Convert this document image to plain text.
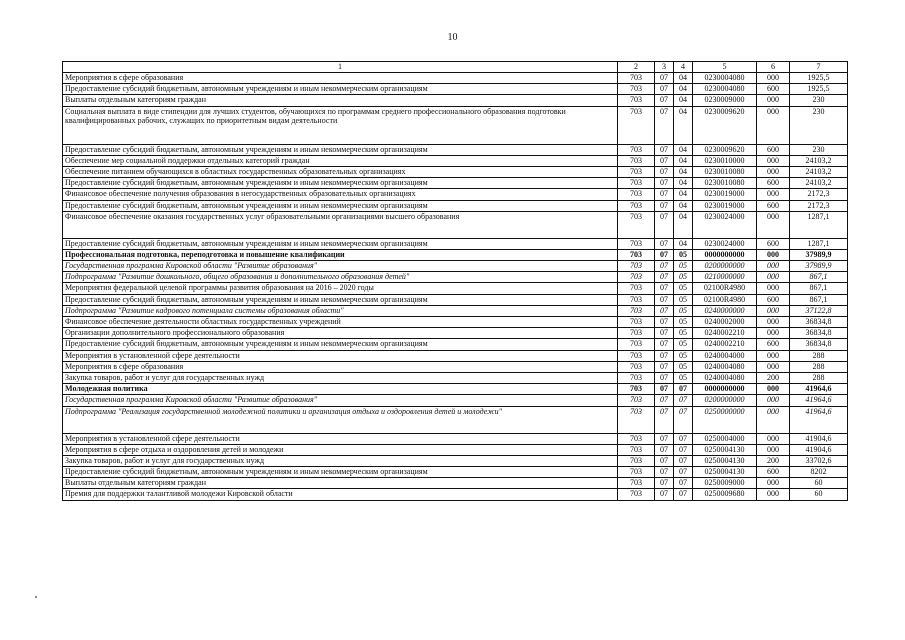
10
1	2	3	4	5	6	7
Мероприятия в сфере образования	703	07	04	0230004080	000	1925,5
Предоставление субсидий бюджетным, автономным учреждениям и иным некоммерческим организациям	703	07	04	0230004080	600	1925,5
Выплаты отдельным категориям граждан	703	07	04	0230009000	000	230
Социальная выплата в виде стипендии для лучших студентов, обучающихся по программам среднего профессионального образования подготовки квалифицированных рабочих, служащих по приоритетным видам деятельности	703	07	04	0230009620	000	230
Предоставление субсидий бюджетным, автономным учреждениям и иным некоммерческим организациям	703	07	04	0230009620	600	230
Обеспечение мер социальной поддержки отдельных категорий граждан	703	07	04	0230010000	000	24103,2
Обеспечение питанием обучающихся в областных государственных образовательных организациях	703	07	04	0230010080	000	24103,2
Предоставление субсидий бюджетным, автономным учреждениям и иным некоммерческим организациям	703	07	04	0230010080	600	24103,2
Финансовое обеспечение получения образования в негосударственных образовательных организациях	703	07	04	0230019000	000	2172,3
Предоставление субсидий бюджетным, автономным учреждениям и иным некоммерческим организациям	703	07	04	0230019000	600	2172,3
Финансовое обеспечение оказания государственных услуг образовательными организациями высшего образования	703	07	04	0230024000	000	1287,1
Предоставление субсидий бюджетным, автономным учреждениям и иным некоммерческим организациям	703	07	04	0230024000	600	1287,1
Профессиональная подготовка, переподготовка и повышение квалификации	703	07	05	0000000000	000	37989,9
Государственная программа Кировской области "Развитие образования"	703	07	05	0200000000	000	37989,9
Подпрограмма "Развитие дошкольного, общего образования и дополнительного образования детей"	703	07	05	0210000000	000	867,1
Мероприятия федеральной целевой программы развития образования на 2016 – 2020 годы	703	07	05	02100R4980	000	867,1
Предоставление субсидий бюджетным, автономным учреждениям и иным некоммерческим организациям	703	07	05	02100R4980	600	867,1
Подпрограмма "Развитие кадрового потенциала системы образования области"	703	07	05	0240000000	000	37122,8
Финансовое обеспечение деятельности областных государственных учреждений	703	07	05	0240002000	000	36834,8
Организации дополнительного профессионального образования	703	07	05	0240002210	000	36834,8
Предоставление субсидий бюджетным, автономным учреждениям и иным некоммерческим организациям	703	07	05	0240002210	600	36834,8
Мероприятия в установленной сфере деятельности	703	07	05	0240004000	000	288
Мероприятия в сфере образования	703	07	05	0240004080	000	288
Закупка товаров, работ и услуг для государственных нужд	703	07	05	0240004080	200	288
Молодежная политика	703	07	07	0000000000	000	41964,6
Государственная программа Кировской области "Развитие образования"	703	07	07	0200000000	000	41964,6
Подпрограмма "Реализация государственной молодежной политики и организация отдыха и оздоровления детей и молодежи"	703	07	07	0250000000	000	41964,6
Мероприятия в установленной сфере деятельности	703	07	07	0250004000	000	41904,6
Мероприятия в сфере отдыха и оздоровления детей и молодежи	703	07	07	0250004130	000	41904,6
Закупка товаров, работ и услуг для государственных нужд	703	07	07	0250004130	200	33702,6
Предоставление субсидий бюджетным, автономным учреждениям и иным некоммерческим организациям	703	07	07	0250004130	600	8202
Выплаты отдельным категориям граждан	703	07	07	0250009000	000	60
Премия для поддержки талантливой молодежи Кировской области	703	07	07	0250009680	000	60
